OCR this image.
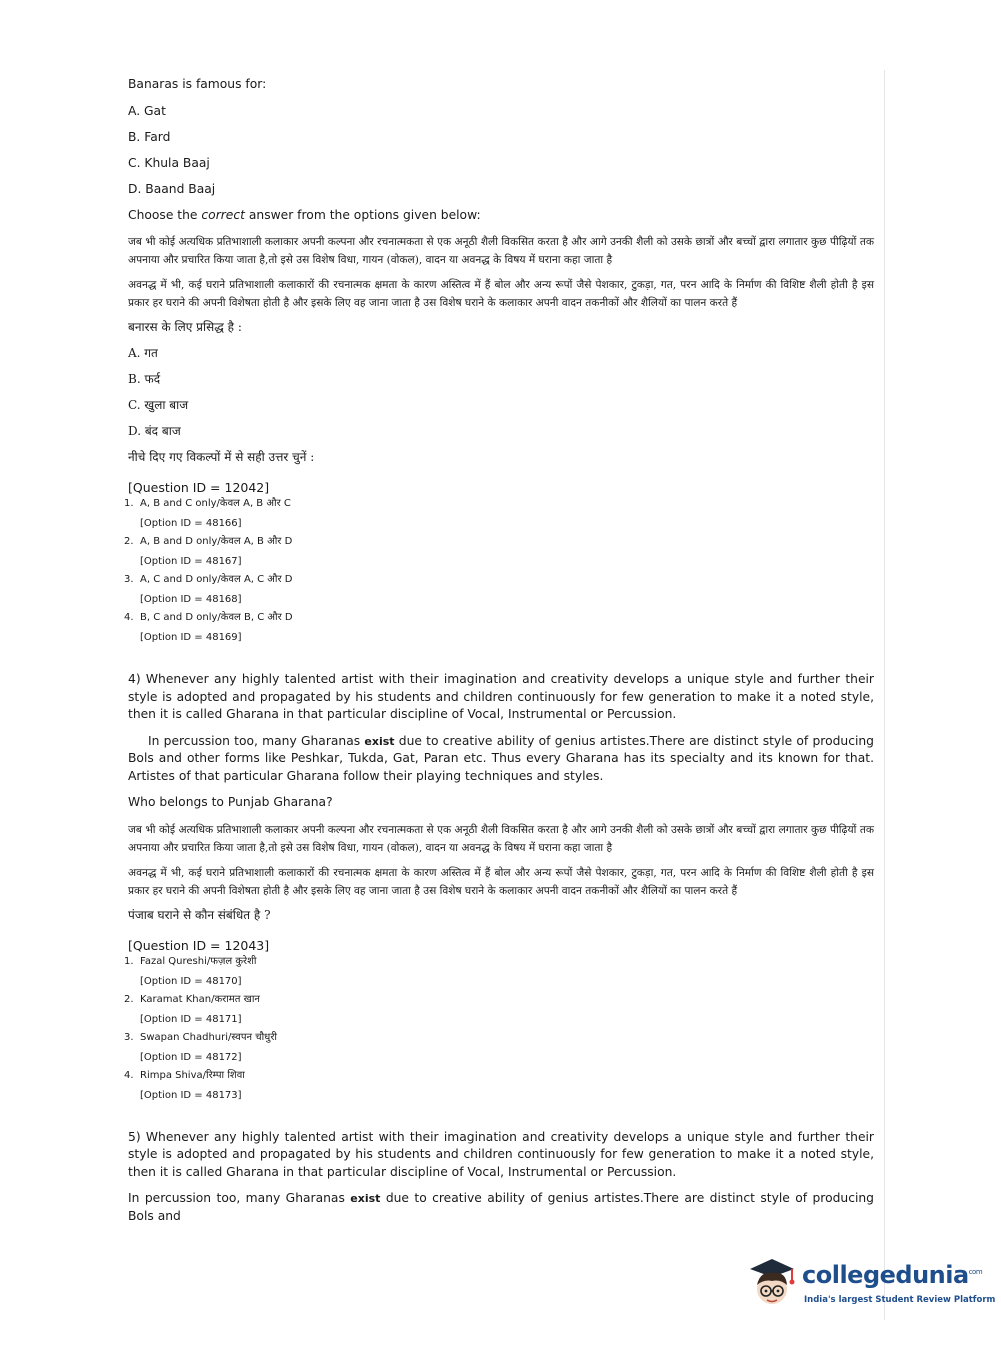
Banaras is famous for:

A. Gat

B. Fard

C. Khula Baaj

D. Baand Baaj

Choose the correct answer from the options given below:

जब भी कोई अत्यधिक प्रतिभाशाली कलाकार अपनी कल्पना और रचनात्मकता से एक अनूठी शैली विकसित करता है और आगे उनकी शैली को उसके छात्रों और बच्चों द्वारा लगातार कुछ पीढ़ियों तक अपनाया और प्रचारित किया जाता है,तो इसे उस विशेष विधा, गायन (वोकल), वादन या अवनद्ध के विषय में घराना कहा जाता है

अवनद्ध में भी, कई घराने प्रतिभाशाली कलाकारों की रचनात्मक क्षमता के कारण अस्तित्व में हैं बोल और अन्य रूपों जैसे पेशकार, टुकड़ा, गत, परन आदि के निर्माण की विशिष्ट शैली होती है इस प्रकार हर घराने की अपनी विशेषता होती है और इसके लिए वह जाना जाता है उस विशेष घराने के कलाकार अपनी वादन तकनीकों और शैलियों का पालन करते हैं

बनारस के लिए प्रसिद्ध है :

A. गत

B. फर्द

C. खुला बाज

D. बंद बाज

नीचे दिए गए विकल्पों में से सही उत्तर चुनें :

[Question ID = 12042]
1. A, B and C only/केवल A, B और C
[Option ID = 48166]
2. A, B and D only/केवल A, B और D
[Option ID = 48167]
3. A, C and D only/केवल A, C और D
[Option ID = 48168]
4. B, C and D only/केवल B, C और D
[Option ID = 48169]

4) Whenever any highly talented artist with their imagination and creativity develops a unique style and further their style is adopted and propagated by his students and children continuously for few generation to make it a noted style, then it is called Gharana in that particular discipline of Vocal, Instrumental or Percussion.

In percussion too, many Gharanas exist due to creative ability of genius artistes.There are distinct style of producing Bols and other forms like Peshkar, Tukda, Gat, Paran etc. Thus every Gharana has its specialty and its known for that. Artistes of that particular Gharana follow their playing techniques and styles.

Who belongs to Punjab Gharana?

जब भी कोई अत्यधिक प्रतिभाशाली कलाकार अपनी कल्पना और रचनात्मकता से एक अनूठी शैली विकसित करता है और आगे उनकी शैली को उसके छात्रों और बच्चों द्वारा लगातार कुछ पीढ़ियों तक अपनाया और प्रचारित किया जाता है,तो इसे उस विशेष विधा, गायन (वोकल), वादन या अवनद्ध के विषय में घराना कहा जाता है

अवनद्ध में भी, कई घराने प्रतिभाशाली कलाकारों की रचनात्मक क्षमता के कारण अस्तित्व में हैं बोल और अन्य रूपों जैसे पेशकार, टुकड़ा, गत, परन आदि के निर्माण की विशिष्ट शैली होती है इस प्रकार हर घराने की अपनी विशेषता होती है और इसके लिए वह जाना जाता है उस विशेष घराने के कलाकार अपनी वादन तकनीकों और शैलियों का पालन करते हैं

पंजाब घराने से कौन संबंधित है ?

[Question ID = 12043]
1. Fazal Qureshi/फज़ल कुरेशी
[Option ID = 48170]
2. Karamat Khan/करामत खान
[Option ID = 48171]
3. Swapan Chadhuri/स्वपन चौधुरी
[Option ID = 48172]
4. Rimpa Shiva/रिम्पा शिवा
[Option ID = 48173]

5) Whenever any highly talented artist with their imagination and creativity develops a unique style and further their style is adopted and propagated by his students and children continuously for few generation to make it a noted style, then it is called Gharana in that particular discipline of Vocal, Instrumental or Percussion.

In percussion too, many Gharanas exist due to creative ability of genius artistes.There are distinct style of producing Bols and

collegedunia$^{com}$
India's largest Student Review Platform
